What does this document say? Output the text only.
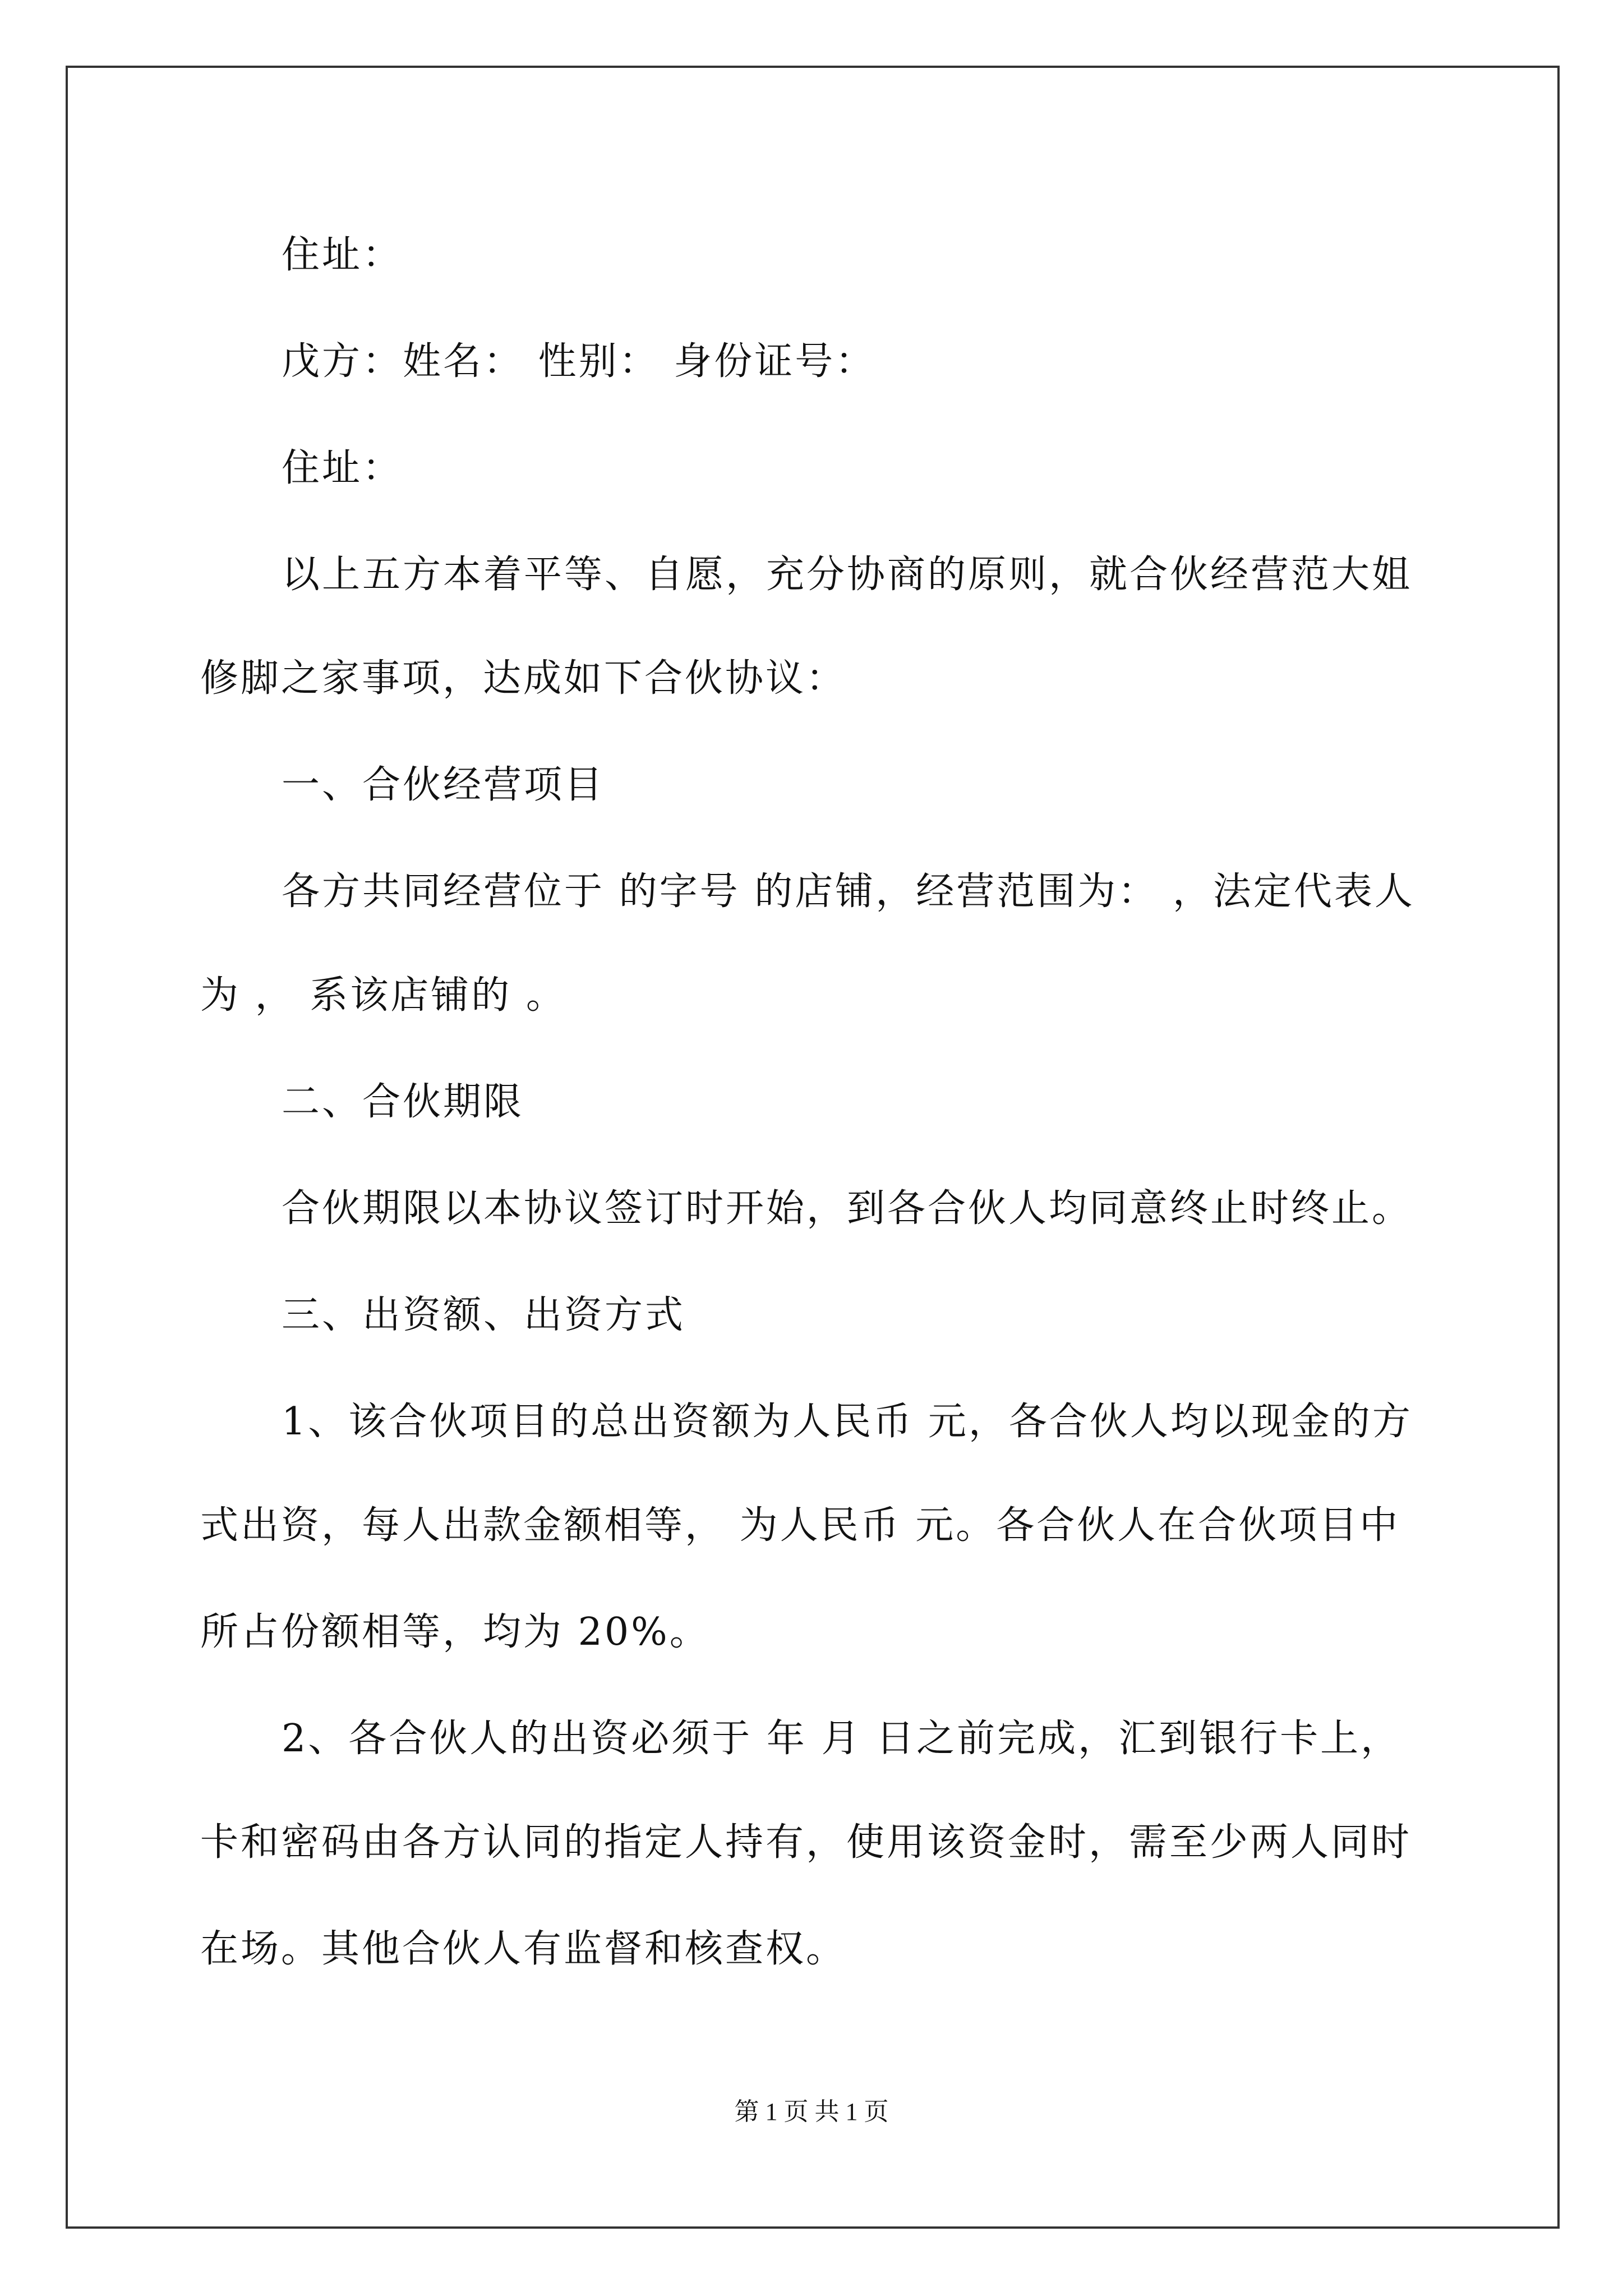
住址：
戊方：姓名： 性别： 身份证号：
住址：
以上五方本着平等、自愿，充分协商的原则，就合伙经营范大姐
修脚之家事项，达成如下合伙协议：
一、合伙经营项目
各方共同经营位于 的字号 的店铺，经营范围为： ，法定代表人
为 ， 系该店铺的 。
二、合伙期限
合伙期限以本协议签订时开始，到各合伙人均同意终止时终止。
三、出资额、出资方式
1、该合伙项目的总出资额为人民币 元，各合伙人均以现金的方
式出资，每人出款金额相等， 为人民币 元。各合伙人在合伙项目中
所占份额相等，均为 20%。
2、各合伙人的出资必须于 年 月 日之前完成，汇到银行卡上，
卡和密码由各方认同的指定人持有，使用该资金时，需至少两人同时
在场。其他合伙人有监督和核查权。
第 1 页 共 1 页
